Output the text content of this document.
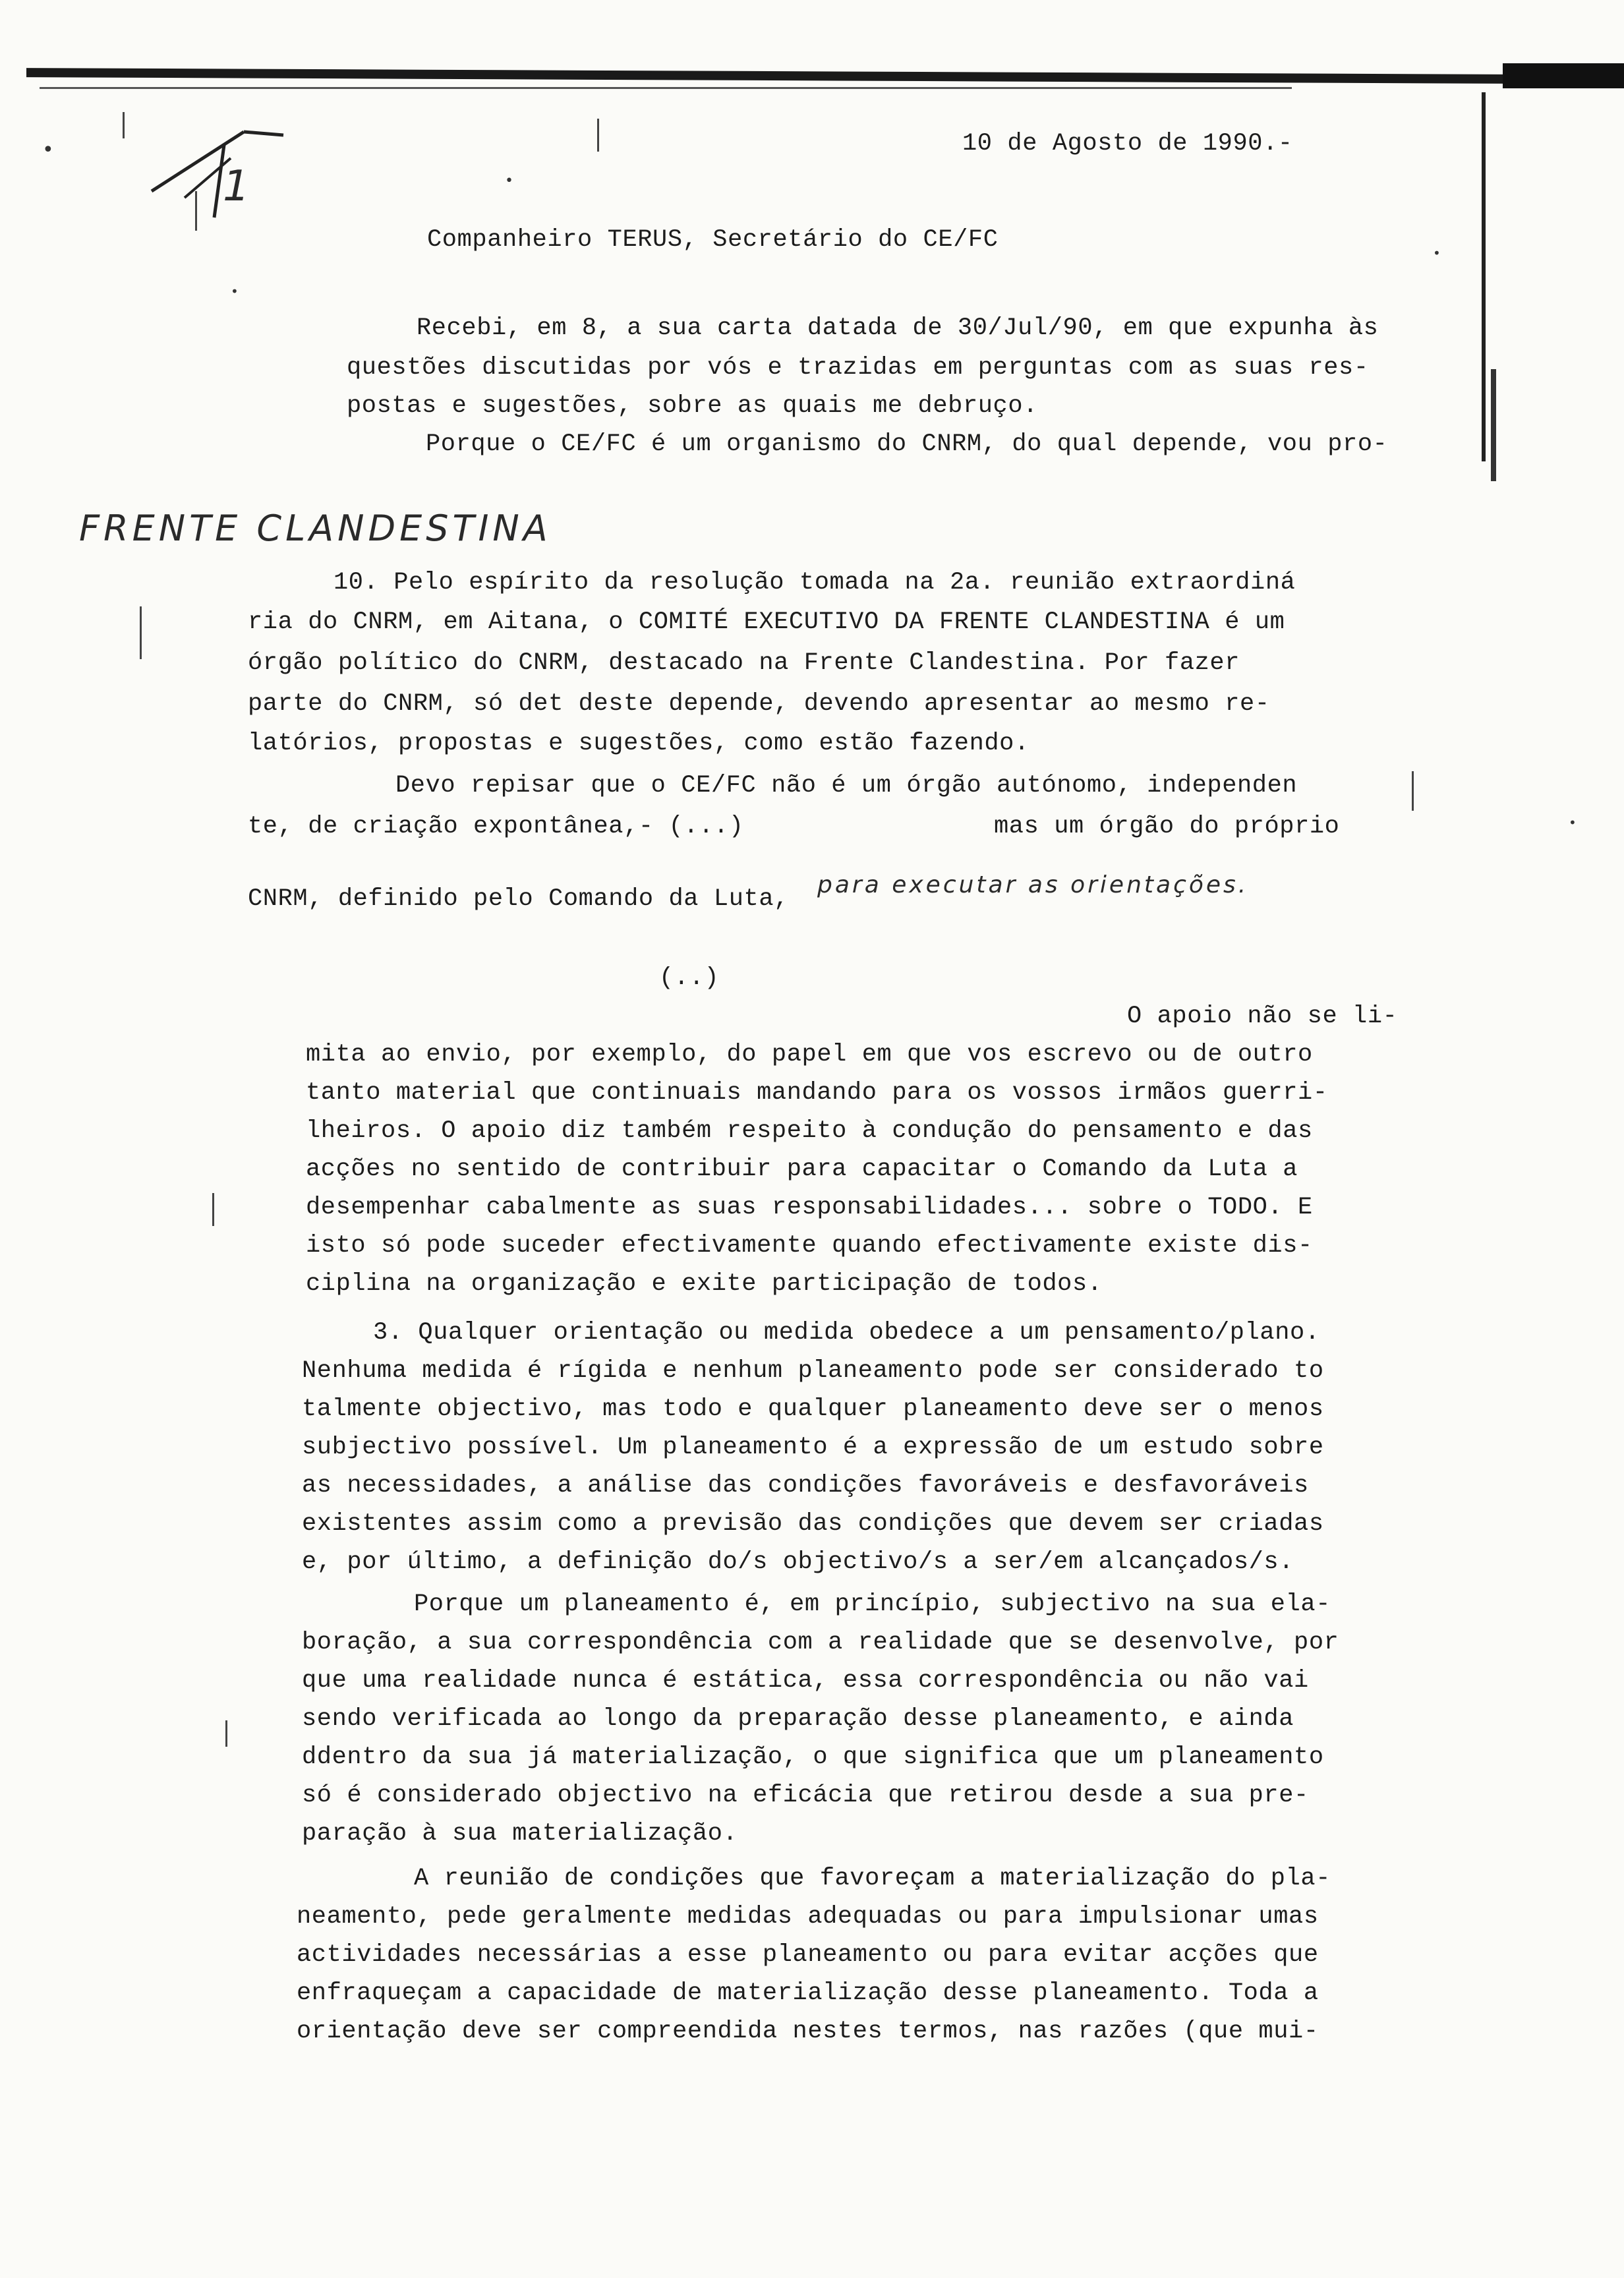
1
10 de Agosto de 1990.-
Companheiro TERUS, Secretário do CE/FC
Recebi, em 8, a sua carta datada de 30/Jul/90, em que expunha às
questões discutidas por vós e trazidas em perguntas com as suas res-
postas e sugestões, sobre as quais me debruço.
Porque o CE/FC é um organismo do CNRM, do qual depende, vou pro-
FRENTE CLANDESTINA
10. Pelo espírito da resolução tomada na 2a. reunião extraordiná
ria do CNRM, em Aitana, o COMITÉ EXECUTIVO DA FRENTE CLANDESTINA é um
órgão político do CNRM, destacado na Frente Clandestina. Por fazer
parte do CNRM, só det deste depende, devendo apresentar ao mesmo re-
latórios, propostas e sugestões, como estão fazendo.
Devo repisar que o CE/FC não é um órgão autónomo, independen
te, de criação expontânea,- (...)	mas um órgão do próprio
CNRM, definido pelo Comando da Luta,
para executar as orientações.
(..)
O apoio não se li-
mita ao envio, por exemplo, do papel em que vos escrevo ou de outro
tanto material que continuais mandando para os vossos irmãos guerri-
lheiros. O apoio diz também respeito à condução do pensamento e das
acções no sentido de contribuir para capacitar o Comando da Luta a
desempenhar cabalmente as suas responsabilidades... sobre o TODO. E
isto só pode suceder efectivamente quando efectivamente existe dis-
ciplina na organização e exite participação de todos.
3. Qualquer orientação ou medida obedece a um pensamento/plano.
Nenhuma medida é rígida e nenhum planeamento pode ser considerado to
talmente objectivo, mas todo e qualquer planeamento deve ser o menos
subjectivo possível. Um planeamento é a expressão de um estudo sobre
as necessidades, a análise das condições favoráveis e desfavoráveis
existentes assim como a previsão das condições que devem ser criadas
e, por último, a definição do/s objectivo/s a ser/em alcançados/s.
Porque um planeamento é, em princípio, subjectivo na sua ela-
boração, a sua correspondência com a realidade que se desenvolve, por
que uma realidade nunca é estática, essa correspondência ou não vai
sendo verificada ao longo da preparação desse planeamento, e ainda
ddentro da sua já materialização, o que significa que um planeamento
só é considerado objectivo na eficácia que retirou desde a sua pre-
paração à sua materialização.
A reunião de condições que favoreçam a materialização do pla-
neamento, pede geralmente medidas adequadas ou para impulsionar umas
actividades necessárias a esse planeamento ou para evitar acções que
enfraqueçam a capacidade de materialização desse planeamento. Toda a
orientação deve ser compreendida nestes termos, nas razões (que mui-
•
•
•
•
•
